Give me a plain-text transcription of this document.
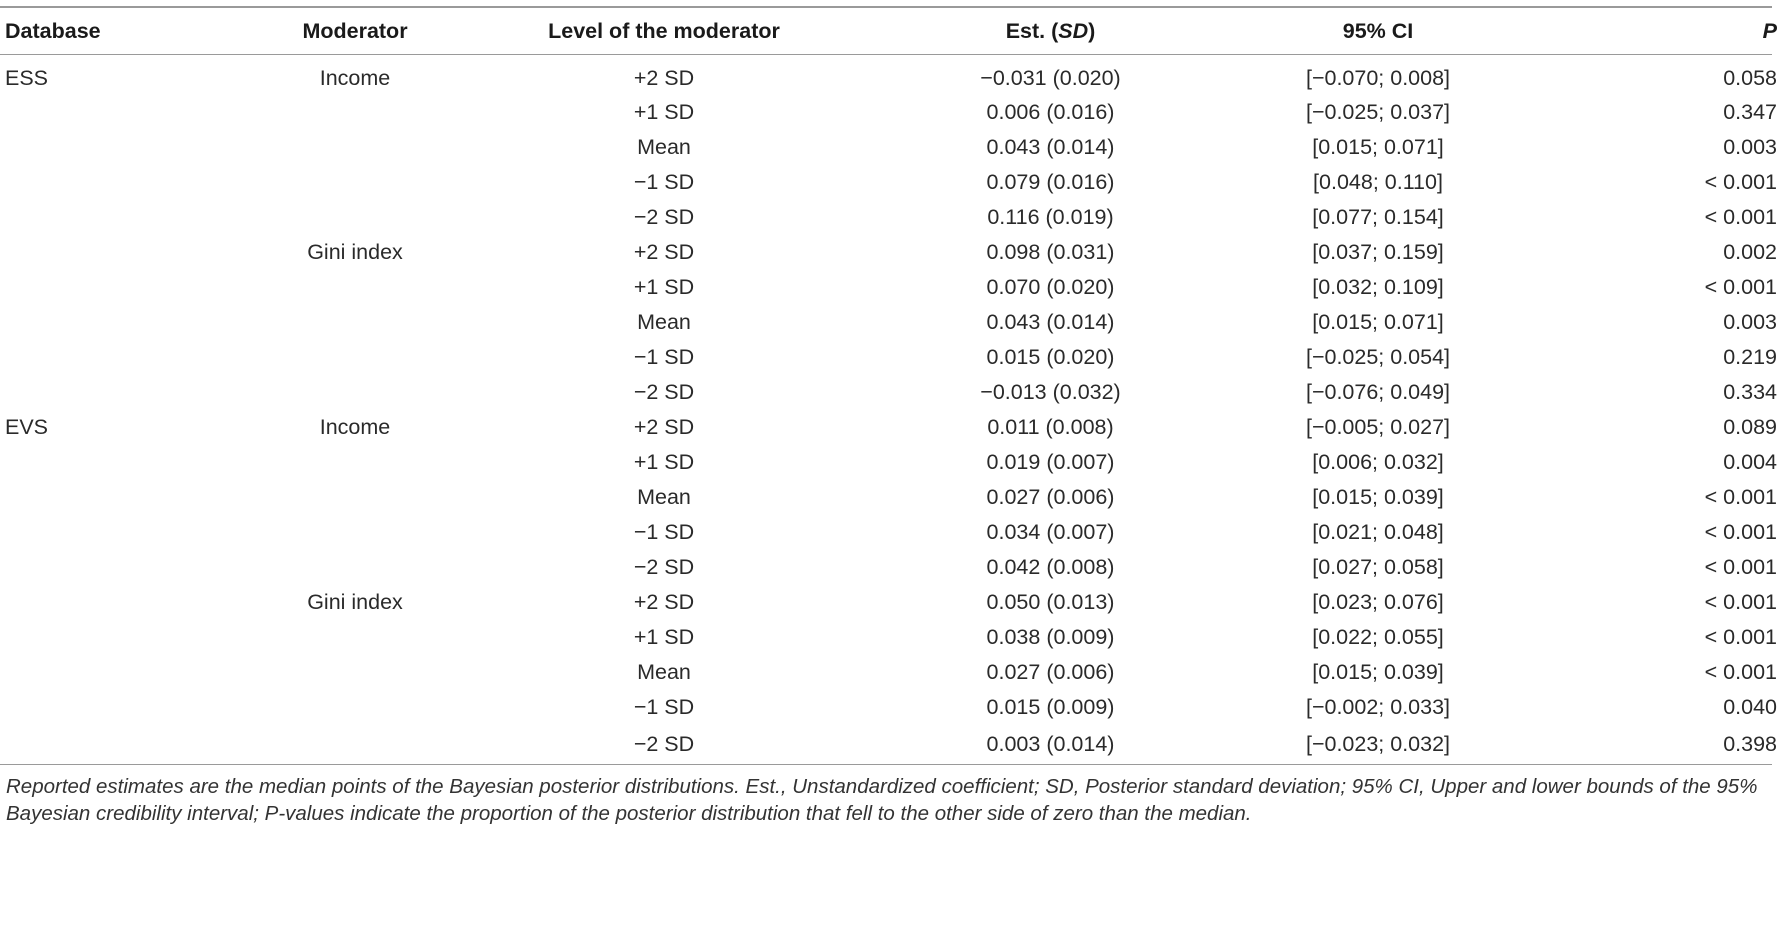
Database	Moderator	Level of the moderator	Est. (SD)	95% CI	P
ESS	Income	+2 SD	−0.031 (0.020)	[−0.070; 0.008]	0.058
		+1 SD	0.006 (0.016)	[−0.025; 0.037]	0.347
		Mean	0.043 (0.014)	[0.015; 0.071]	0.003
		−1 SD	0.079 (0.016)	[0.048; 0.110]	< 0.001
		−2 SD	0.116 (0.019)	[0.077; 0.154]	< 0.001
	Gini index	+2 SD	0.098 (0.031)	[0.037; 0.159]	0.002
		+1 SD	0.070 (0.020)	[0.032; 0.109]	< 0.001
		Mean	0.043 (0.014)	[0.015; 0.071]	0.003
		−1 SD	0.015 (0.020)	[−0.025; 0.054]	0.219
		−2 SD	−0.013 (0.032)	[−0.076; 0.049]	0.334
EVS	Income	+2 SD	0.011 (0.008)	[−0.005; 0.027]	0.089
		+1 SD	0.019 (0.007)	[0.006; 0.032]	0.004
		Mean	0.027 (0.006)	[0.015; 0.039]	< 0.001
		−1 SD	0.034 (0.007)	[0.021; 0.048]	< 0.001
		−2 SD	0.042 (0.008)	[0.027; 0.058]	< 0.001
	Gini index	+2 SD	0.050 (0.013)	[0.023; 0.076]	< 0.001
		+1 SD	0.038 (0.009)	[0.022; 0.055]	< 0.001
		Mean	0.027 (0.006)	[0.015; 0.039]	< 0.001
		−1 SD	0.015 (0.009)	[−0.002; 0.033]	0.040
		−2 SD	0.003 (0.014)	[−0.023; 0.032]	0.398
Reported estimates are the median points of the Bayesian posterior distributions. Est., Unstandardized coefficient; SD, Posterior standard deviation; 95% CI, Upper and lower bounds of the 95% Bayesian credibility interval; P-values indicate the proportion of the posterior distribution that fell to the other side of zero than the median.
